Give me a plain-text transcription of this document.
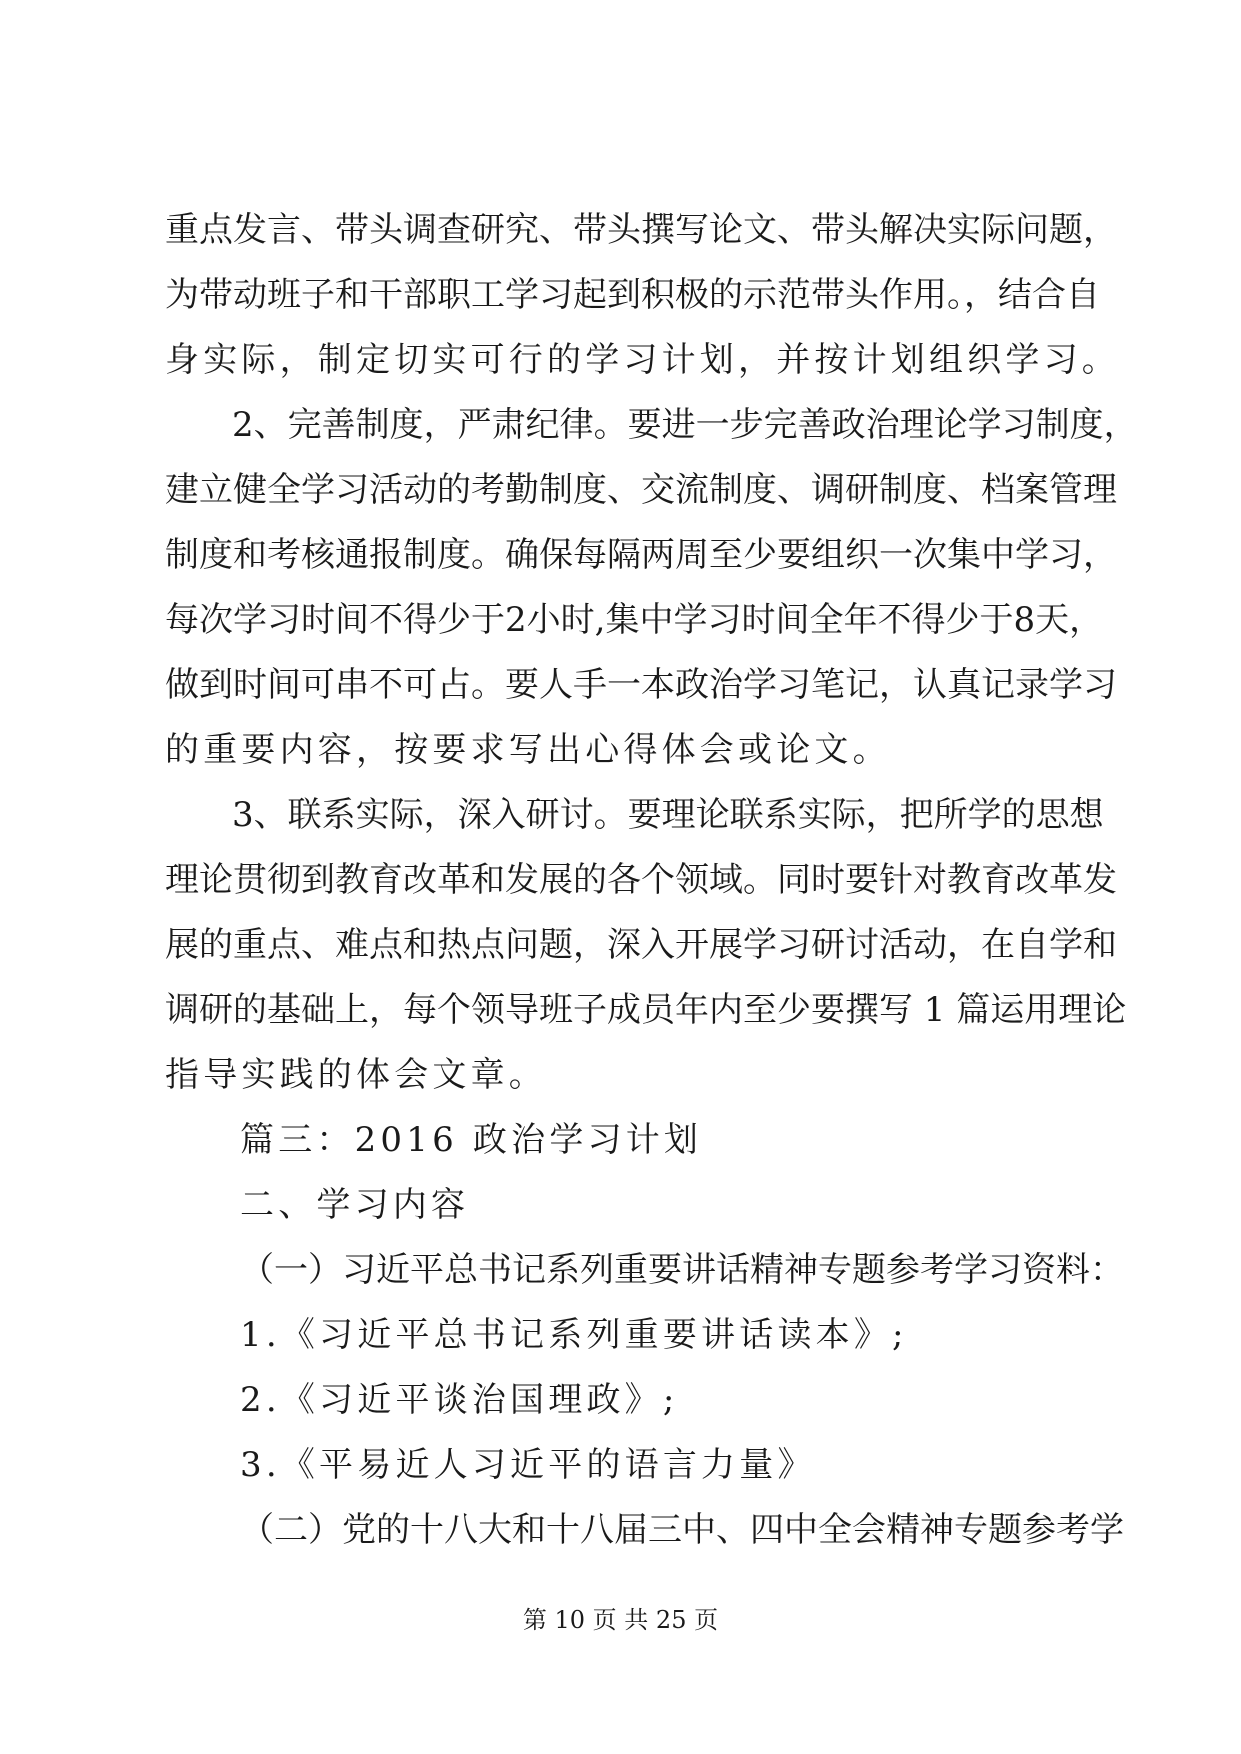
重点发言、带头调查研究、带头撰写论文、带头解决实际问题，
为带动班子和干部职工学习起到积极的示范带头作用。，结合自
身实际，制定切实可行的学习计划，并按计划组织学习。
2、完善制度，严肃纪律。要进一步完善政治理论学习制度，
建立健全学习活动的考勤制度、交流制度、调研制度、档案管理
制度和考核通报制度。确保每隔两周至少要组织一次集中学习，
每次学习时间不得少于2小时,集中学习时间全年不得少于8天，
做到时间可串不可占。要人手一本政治学习笔记，认真记录学习
的重要内容，按要求写出心得体会或论文。
3、联系实际，深入研讨。要理论联系实际，把所学的思想
理论贯彻到教育改革和发展的各个领域。同时要针对教育改革发
展的重点、难点和热点问题，深入开展学习研讨活动，在自学和
调研的基础上，每个领导班子成员年内至少要撰写 1 篇运用理论
指导实践的体会文章。
篇三：2016 政治学习计划
二、学习内容
（一）习近平总书记系列重要讲话精神专题参考学习资料：
1.《习近平总书记系列重要讲话读本》;
2.《习近平谈治国理政》;
3.《平易近人习近平的语言力量》
（二）党的十八大和十八届三中、四中全会精神专题参考学
第 10 页 共 25 页
